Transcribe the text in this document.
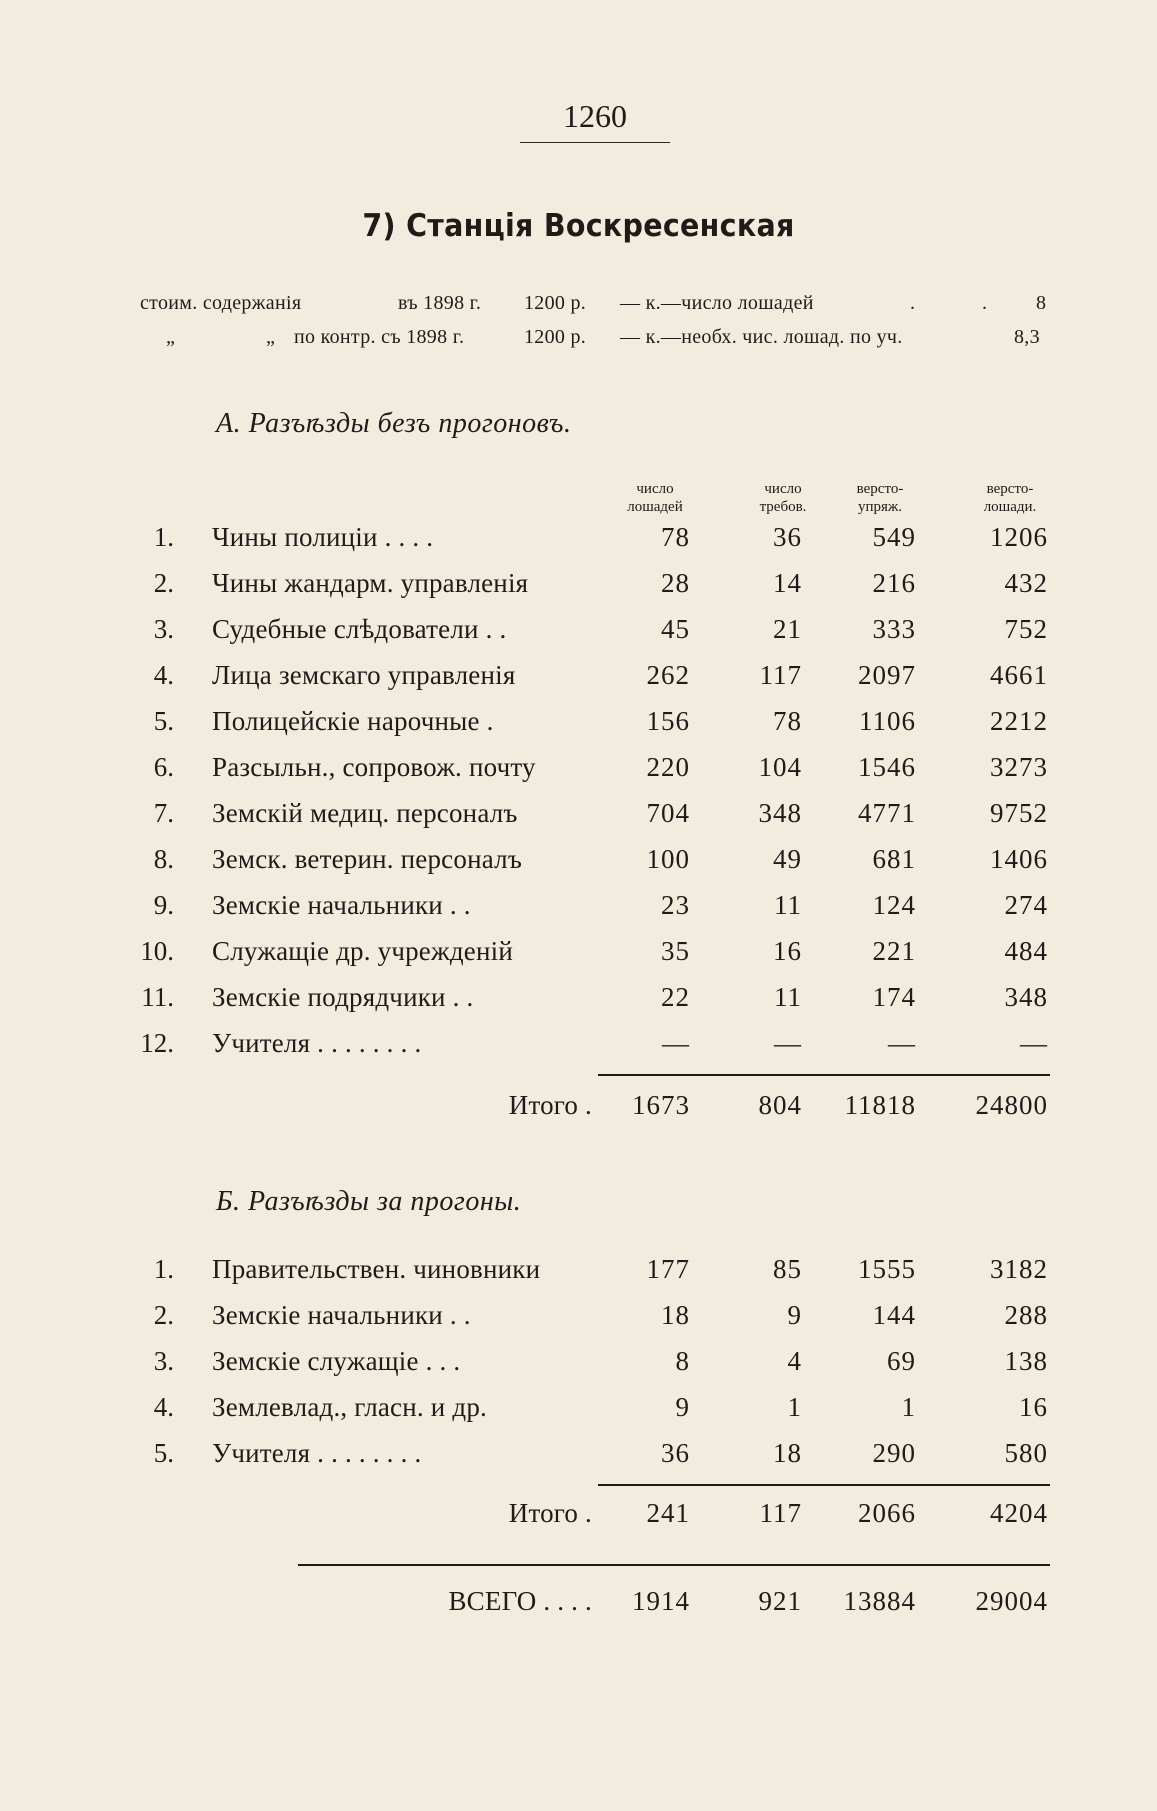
1260
7) Станція Воскресенская
стоим. содержанія	въ 1898 г. 1200 р. — к.—число лошадей	.	. 8
„	„ по контр. съ 1898 г.	1200 р. — к.—необх. чис. лошад. по уч.	8,3
А. Разъѣзды безъ прогоновъ.
число
лошадей
число
требов.
версто-
упряж.
версто-
лошади.
1. Чины полиціи . . . .	78	36	549	1206
2. Чины жандарм. управленія	28	14	216	432
3. Судебные слѣдователи . .	45	21	333	752
4. Лица земскаго управленія	262	117 2097	4661
5. Полицейскіе нарочные .	156	78 1106	2212
6. Разсыльн., сопровож. почту	220	104 1546	3273
7. Земскій медиц. персоналъ	704	348 4771	9752
8. Земск. ветерин. персоналъ	100	49	681	1406
9. Земскіе начальники . .	23	11	124	274
10. Служащіе др. учрежденій	35	16	221	484
11. Земскіе подрядчики . .	22	11	174	348
12. Учителя . . . . . . . .	—	—	—	—
Итого . 1673	804 11818 24800
Б. Разъѣзды за прогоны.
1. Правительствен. чиновники	177	85 1555	3182
2. Земскіе начальники . .	18	9	144	288
3. Земскіе служащіе . . .	8	4	69	138
4. Землевлад., гласн. и др.	9	1	1	16
5. Учителя . . . . . . . .	36	18	290	580
Итого . 241	117 2066	4204
ВСЕГО . . . . 1914	921 13884 29004
